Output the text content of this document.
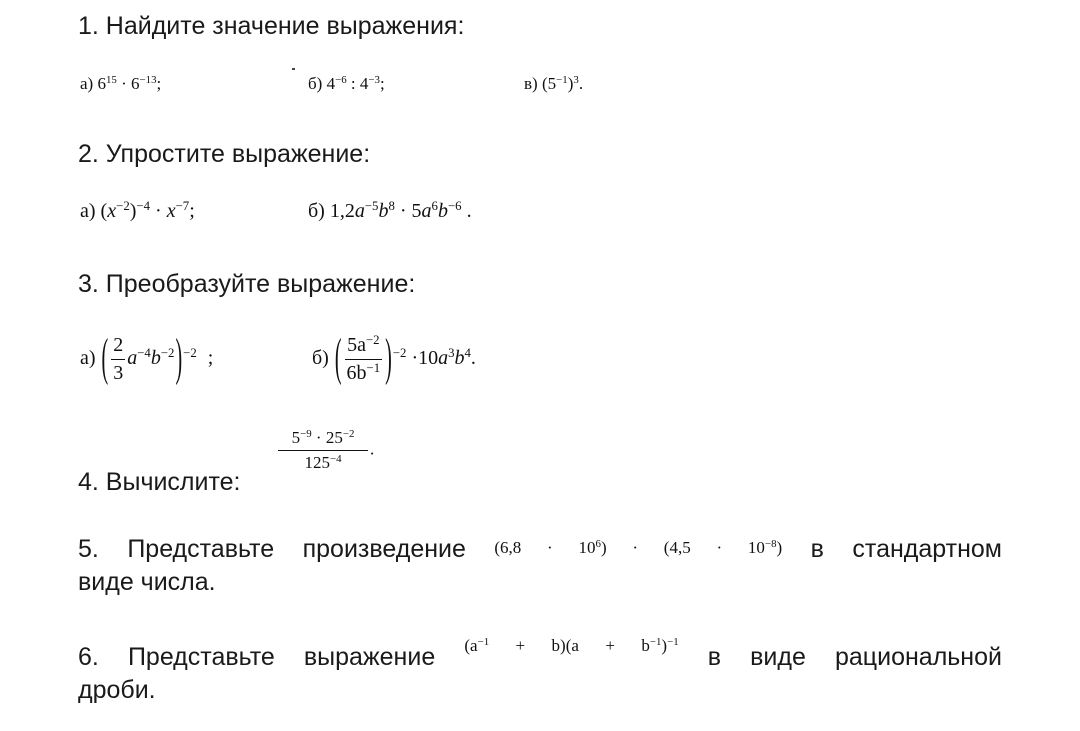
1. Найдите значение выражения:
а) $6^{15} \cdot 6^{-13}$;	б) $4^{-6}$ : $4^{-3}$;	в) $(5^{-1})^3$.
2. Упростите выражение:
а) $(x^{-2})^{-4} \cdot x^{-7}$;	б) $1,2a^{-5}b^8 \cdot 5a^6b^{-6}$ .
3. Преобразуйте выражение:
а) ( $\frac{2}{3} a^{-4}b^{-2})^{-2}$ ;	б) ( $\frac{5a^{-2}}{6b^{-1}} )^{-2} \cdot 10a^3b^4$.
4. Вычислите:
$\frac{5^{-9} \cdot 25^{-2}}{125^{-4}}$ .
5. Представьте произведение $(6,8 \cdot 10^6) \cdot (4,5 \cdot 10^{-8})$ в стандартном
виде числа.
6. Представьте выражение $^{(a^{-1} + b)(a + b^{-1})^{-1}}$ в виде рациональной
дроби.
